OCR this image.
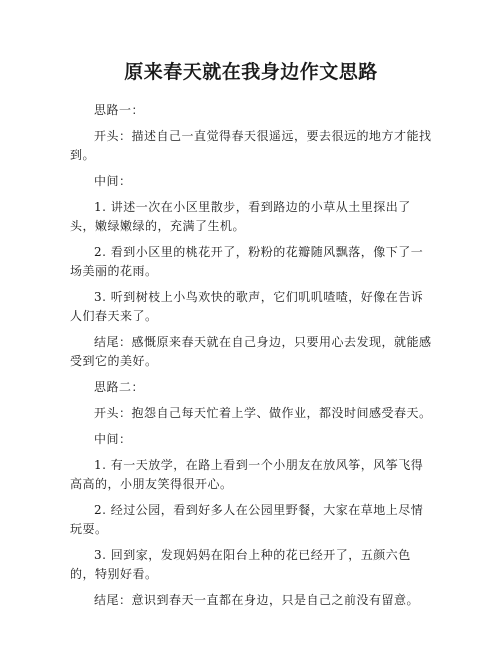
原来春天就在我身边作文思路

思路一：

开头：描述自己一直觉得春天很遥远，要去很远的地方才能找到。

中间：

1. 讲述一次在小区里散步，看到路边的小草从土里探出了头，嫩绿嫩绿的，充满了生机。

2. 看到小区里的桃花开了，粉粉的花瓣随风飘落，像下了一场美丽的花雨。

3. 听到树枝上小鸟欢快的歌声，它们叽叽喳喳，好像在告诉人们春天来了。

结尾：感慨原来春天就在自己身边，只要用心去发现，就能感受到它的美好。

思路二：

开头：抱怨自己每天忙着上学、做作业，都没时间感受春天。

中间：

1. 有一天放学，在路上看到一个小朋友在放风筝，风筝飞得高高的，小朋友笑得很开心。

2. 经过公园，看到好多人在公园里野餐，大家在草地上尽情玩耍。

3. 回到家，发现妈妈在阳台上种的花已经开了，五颜六色的，特别好看。

结尾：意识到春天一直都在身边，只是自己之前没有留意。
